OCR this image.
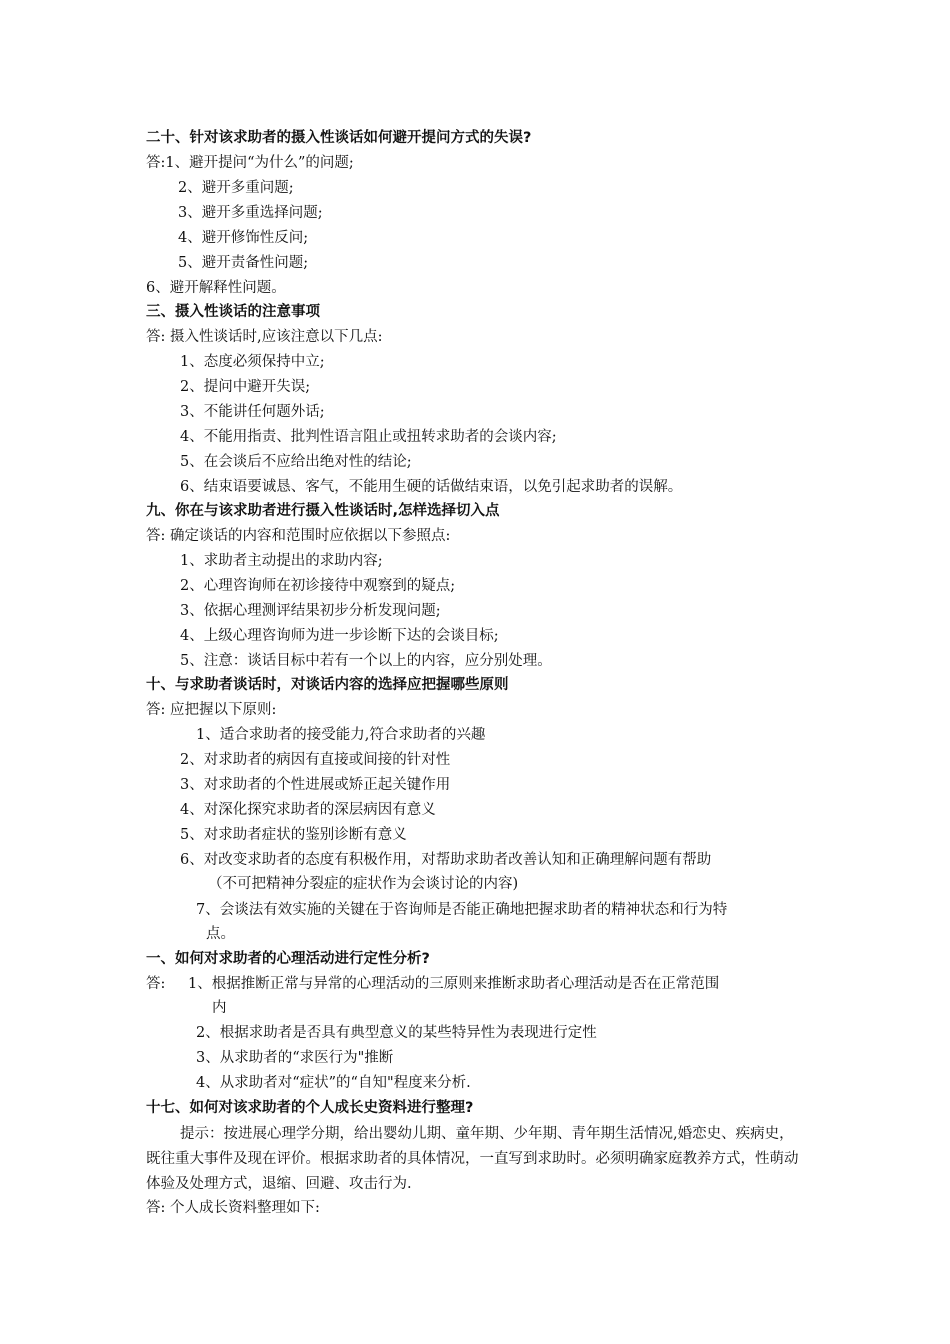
二十、针对该求助者的摄入性谈话如何避开提问方式的失误?
答:1、避开提问“为什么”的问题;
2、避开多重问题;
3、避开多重选择问题;
4、避开修饰性反问;
5、避开责备性问题;
6、避开解释性问题。
三、摄入性谈话的注意事项
答: 摄入性谈话时,应该注意以下几点:
1、态度必须保持中立;
2、提问中避开失误;
3、不能讲任何题外话;
4、不能用指责、批判性语言阻止或扭转求助者的会谈内容;
5、在会谈后不应给出绝对性的结论;
6、结束语要诚恳、客气，不能用生硬的话做结束语，以免引起求助者的误解。
九、你在与该求助者进行摄入性谈话时,怎样选择切入点
答: 确定谈话的内容和范围时应依据以下参照点:
1、求助者主动提出的求助内容;
2、心理咨询师在初诊接待中观察到的疑点;
3、依据心理测评结果初步分析发现问题;
4、上级心理咨询师为进一步诊断下达的会谈目标;
5、注意：谈话目标中若有一个以上的内容，应分别处理。
十、与求助者谈话时，对谈话内容的选择应把握哪些原则
答: 应把握以下原则:
1、适合求助者的接受能力,符合求助者的兴趣
2、对求助者的病因有直接或间接的针对性
3、对求助者的个性进展或矫正起关键作用
4、对深化探究求助者的深层病因有意义
5、对求助者症状的鉴别诊断有意义
6、对改变求助者的态度有积极作用，对帮助求助者改善认知和正确理解问题有帮助
（不可把精神分裂症的症状作为会谈讨论的内容)
7、会谈法有效实施的关键在于咨询师是否能正确地把握求助者的精神状态和行为特
点。
一、如何对求助者的心理活动进行定性分析?
答: 1、根据推断正常与异常的心理活动的三原则来推断求助者心理活动是否在正常范围
内
2、根据求助者是否具有典型意义的某些特异性为表现进行定性
3、从求助者的“求医行为"推断
4、从求助者对“症状”的“自知"程度来分析.
十七、如何对该求助者的个人成长史资料进行整理?
提示：按进展心理学分期，给出婴幼儿期、童年期、少年期、青年期生活情况,婚恋史、疾病史，既往重大事件及现在评价。根据求助者的具体情况，一直写到求助时。必须明确家庭教养方式，性萌动体验及处理方式，退缩、回避、攻击行为.
答: 个人成长资料整理如下:
